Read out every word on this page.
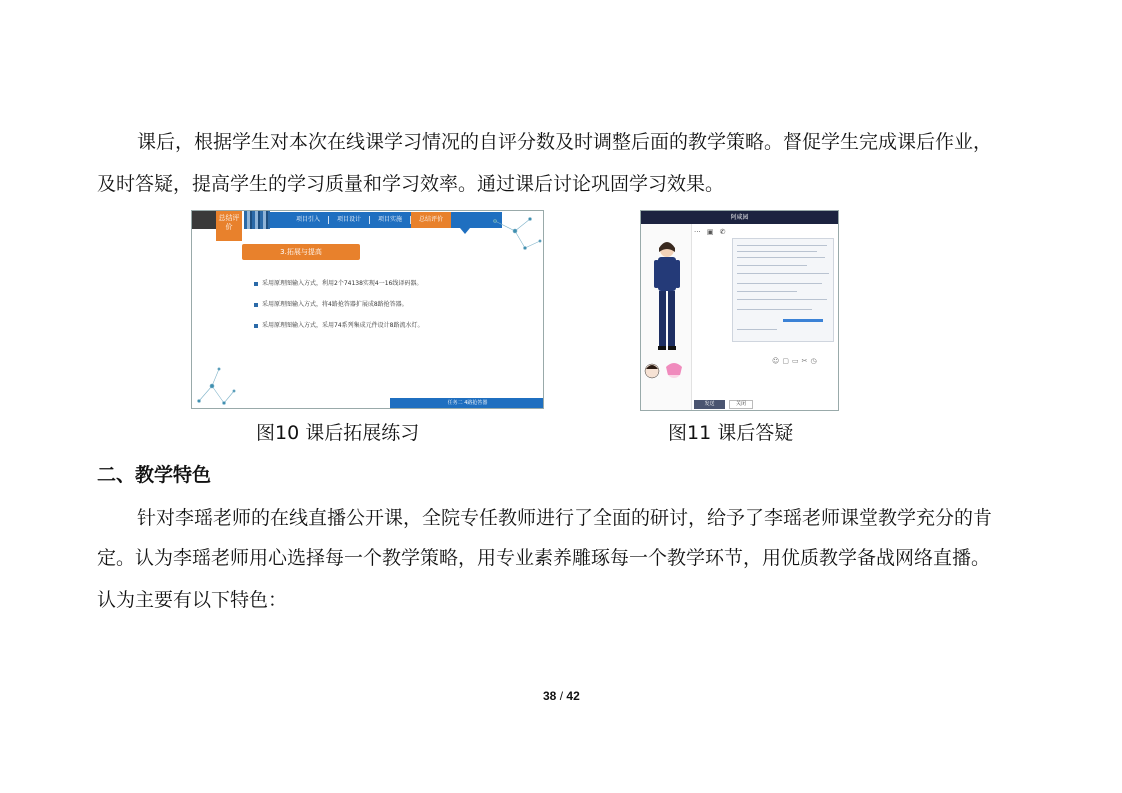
课后，根据学生对本次在线课学习情况的自评分数及时调整后面的教学策略。督促学生完成课后作业，
及时答疑，提高学生的学习质量和学习效率。通过课后讨论巩固学习效果。
总结评价
项目引入	项目设计	项目实施	总结评价
3.拓展与提高
采用原理图输入方式，利用2个74138实现4一16线译码器。
采用原理图输入方式，将4路抢答器扩展成8路抢答器。
采用原理图输入方式，采用74系列集成元件设计8路流水灯。
任务二 4路抢答器
阿咸园
··· ▣ ✆
☺▢▭✂◷
发送	关闭
图10 课后拓展练习	图11 课后答疑
二、教学特色
针对李瑶老师的在线直播公开课，全院专任教师进行了全面的研讨，给予了李瑶老师课堂教学充分的肯
定。认为李瑶老师用心选择每一个教学策略，用专业素养雕琢每一个教学环节，用优质教学备战网络直播。
认为主要有以下特色：
38 / 42
